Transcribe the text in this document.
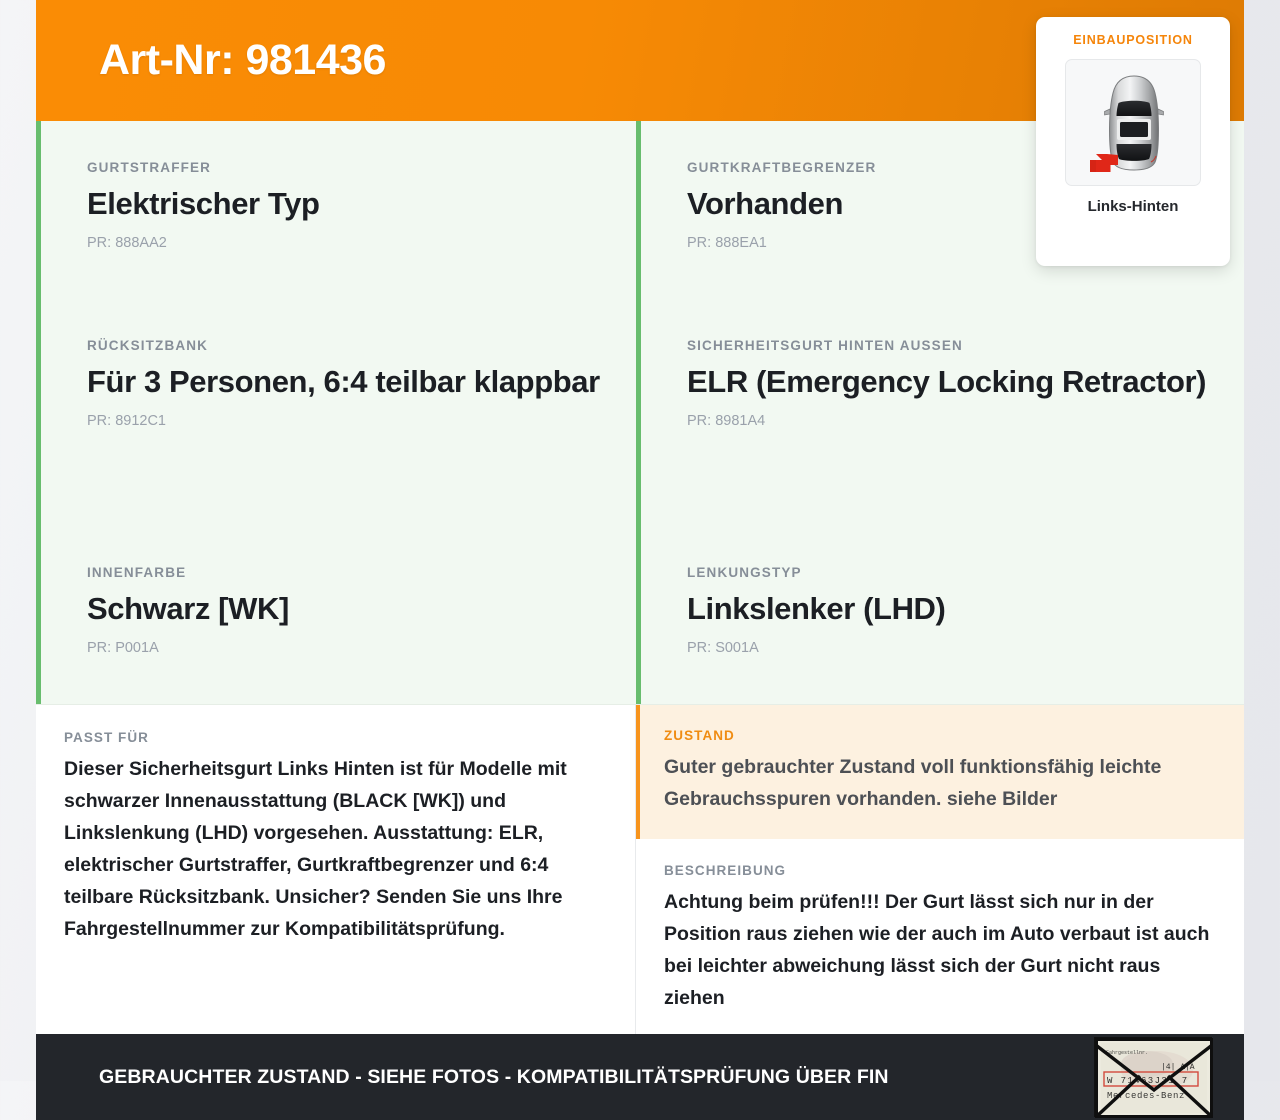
Art-Nr: 981436	EINBAUPOSITION
Links-Hinten
GURTSTRAFFER
Elektrischer Typ
PR: 888AA2
GURTKRAFTBEGRENZER
Vorhanden
PR: 888EA1
RÜCKSITZBANK
Für 3 Personen, 6:4 teilbar klappbar
PR: 8912C1
SICHERHEITSGURT HINTEN AUSSEN
ELR (Emergency Locking Retractor)
PR: 8981A4
INNENFARBE
Schwarz [WK]
PR: P001A
LENKUNGSTYP
Linkslenker (LHD)
PR: S001A
PASST FÜR
Dieser Sicherheitsgurt Links Hinten ist für Modelle mit schwarzer Innenausstattung (BLACK [WK]) und Linkslenkung (LHD) vorgesehen. Ausstattung: ELR, elektrischer Gurtstraffer, Gurtkraftbegrenzer und 6:4 teilbare Rücksitzbank. Unsicher? Senden Sie uns Ihre Fahrgestellnummer zur Kompatibilitätsprüfung.
ZUSTAND
Guter gebrauchter Zustand voll funktionsfähig leichte Gebrauchsspuren vorhanden. siehe Bilder
BESCHREIBUNG
Achtung beim prüfen!!! Der Gurt lässt sich nur in der Position raus ziehen wie der auch im Auto verbaut ist auch bei leichter abweichung lässt sich der Gurt nicht raus ziehen
GEBRAUCHTER ZUSTAND - SIEHE FOTOS - KOMPATIBILITÄTSPRÜFUNG ÜBER FIN
Fahrgestellnr.
|4| A|A
W 71463J31 7
Mercedes-Benz
